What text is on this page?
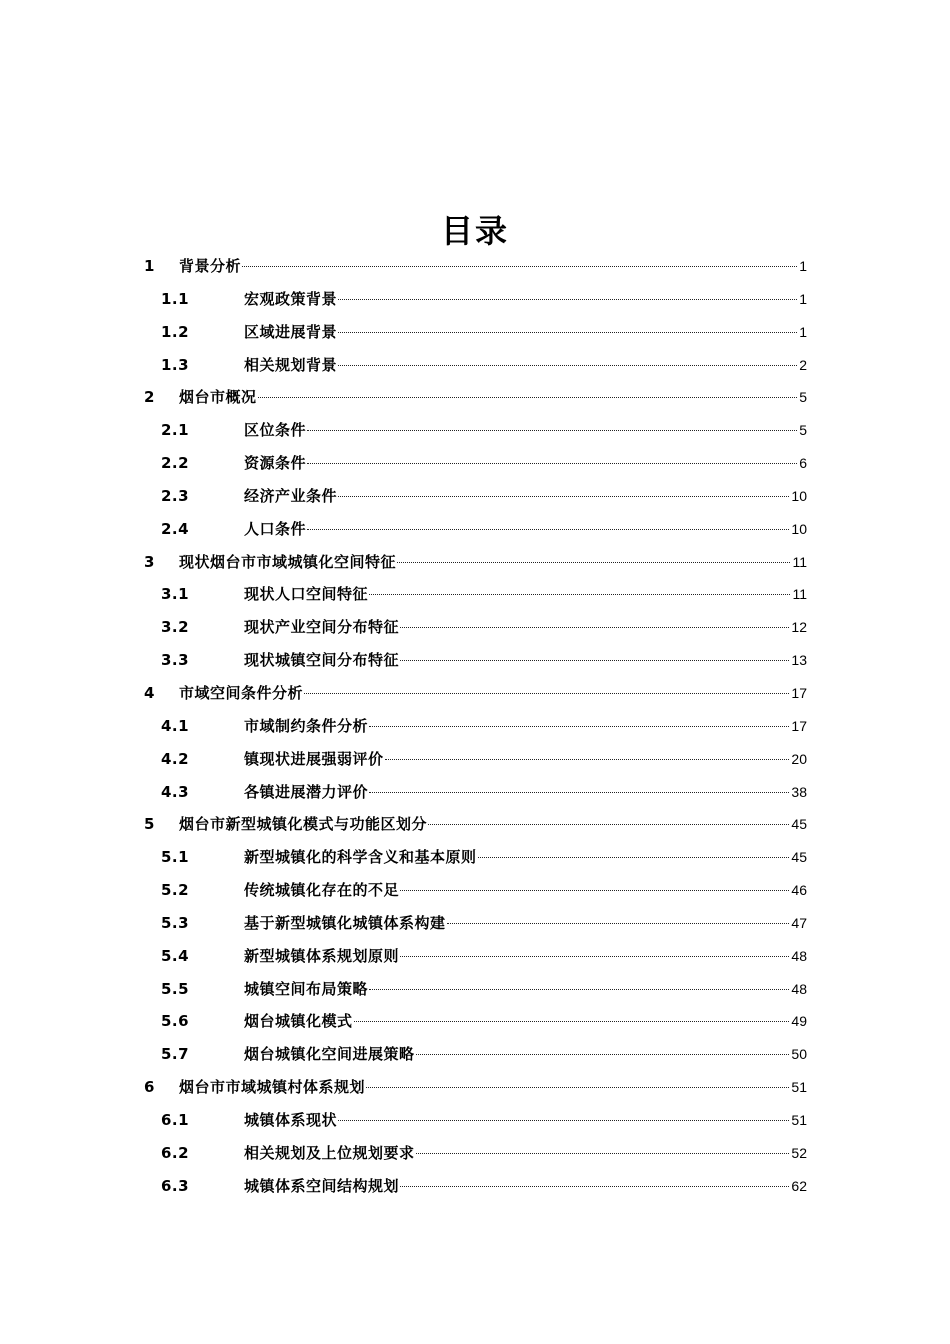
目录
1	背景分析	1
1.1	宏观政策背景	1
1.2	区域进展背景	1
1.3	相关规划背景	2
2	烟台市概况	5
2.1	区位条件	5
2.2	资源条件	6
2.3	经济产业条件	10
2.4	人口条件	10
3	现状烟台市市域城镇化空间特征	11
3.1	现状人口空间特征	11
3.2	现状产业空间分布特征	12
3.3	现状城镇空间分布特征	13
4	市域空间条件分析	17
4.1	市域制约条件分析	17
4.2	镇现状进展强弱评价	20
4.3	各镇进展潜力评价	38
5	烟台市新型城镇化模式与功能区划分	45
5.1	新型城镇化的科学含义和基本原则	45
5.2	传统城镇化存在的不足	46
5.3	基于新型城镇化城镇体系构建	47
5.4	新型城镇体系规划原则	48
5.5	城镇空间布局策略	48
5.6	烟台城镇化模式	49
5.7	烟台城镇化空间进展策略	50
6	烟台市市域城镇村体系规划	51
6.1	城镇体系现状	51
6.2	相关规划及上位规划要求	52
6.3	城镇体系空间结构规划	62
